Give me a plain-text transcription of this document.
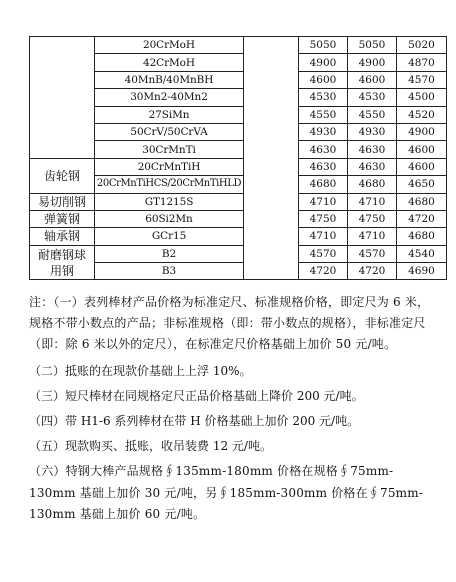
	20CrMoH		5050	5050	5020
	42CrMoH		4900	4900	4870
	40MnB/40MnBH		4600	4600	4570
	30Mn2-40Mn2		4530	4530	4500
	27SiMn		4550	4550	4520
	50CrV/50CrVA		4930	4930	4900
	30CrMnTi		4630	4630	4600
齿轮钢	20CrMnTiH		4630	4630	4600
	20CrMnTiHCS/20CrMnTiHLD		4680	4680	4650
易切削钢	GT1215S		4710	4710	4680
弹簧钢	60Si2Mn		4750	4750	4720
轴承钢	GCr15		4710	4710	4680
耐磨钢球
用钢	B2		4570	4570	4540
	B3		4720	4720	4690

注：（一）表列棒材产品价格为标准定尺、标准规格价格，即定尺为 6 米，规格不带小数点的产品；非标准规格（即：带小数点的规格），非标准定尺（即：除 6 米以外的定尺），在标准定尺价格基础上加价 50 元/吨。

（二）抵账的在现款价基础上上浮 10%。

（三）短尺棒材在同规格定尺正品价格基础上降价 200 元/吨。

（四）带 H1-6 系列棒材在带 H 价格基础上加价 200 元/吨。

（五）现款购买、抵账，收吊装费 12 元/吨。

（六）特钢大棒产品规格∮135mm-180mm 价格在规格∮75mm-130mm 基础上加价 30 元/吨，另∮185mm-300mm 价格在∮75mm-130mm 基础上加价 60 元/吨。
